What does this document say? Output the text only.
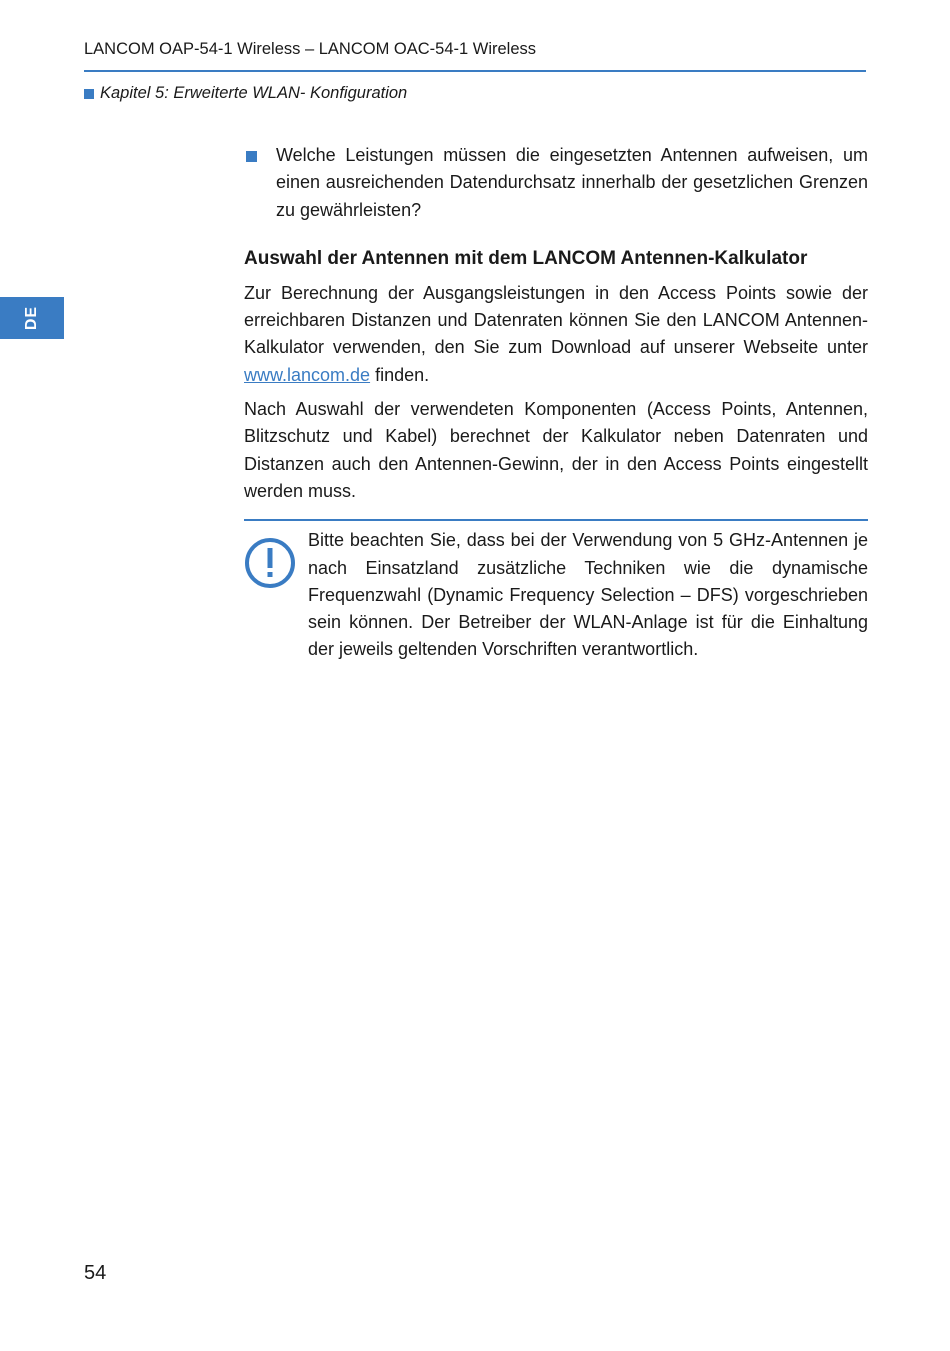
LANCOM OAP-54-1 Wireless – LANCOM OAC-54-1 Wireless
Kapitel 5: Erweiterte WLAN- Konfiguration
DE
Welche Leistungen müssen die eingesetzten Antennen aufweisen, um einen ausreichenden Datendurchsatz innerhalb der gesetzlichen Grenzen zu gewährleisten?
Auswahl der Antennen mit dem LANCOM Antennen-Kalkulator

Zur Berechnung der Ausgangsleistungen in den Access Points sowie der erreichbaren Distanzen und Datenraten können Sie den LANCOM Antennen-Kalkulator verwenden, den Sie zum Download auf unserer Webseite unter www.lancom.de finden.

Nach Auswahl der verwendeten Komponenten (Access Points, Antennen, Blitzschutz und Kabel) berechnet der Kalkulator neben Datenraten und Distanzen auch den Antennen-Gewinn, der in den Access Points eingestellt werden muss.

Bitte beachten Sie, dass bei der Verwendung von 5 GHz-Antennen je nach Einsatzland zusätzliche Techniken wie die dynamische Frequenzwahl (Dynamic Frequency Selection – DFS) vorgeschrieben sein können. Der Betreiber der WLAN-Anlage ist für die Einhaltung der jeweils geltenden Vorschriften verantwortlich.
54
